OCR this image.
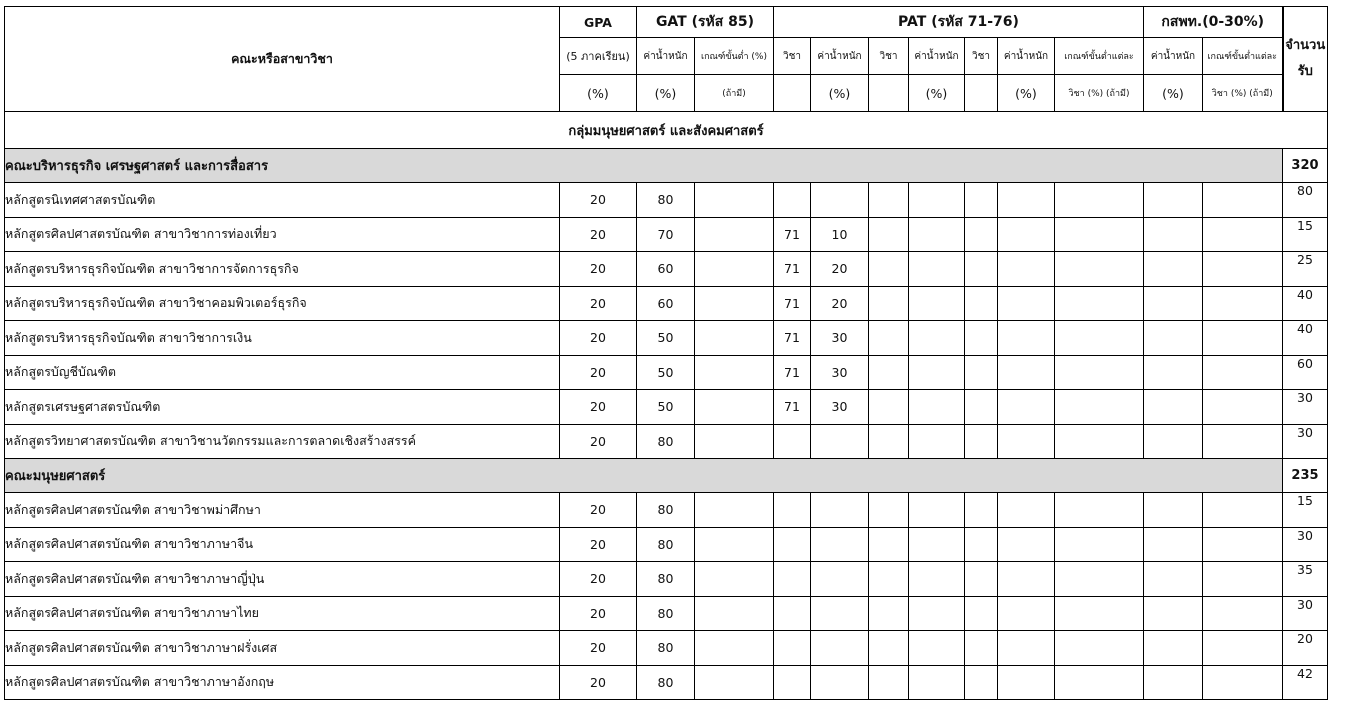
คณะหรือสาขาวิชา	GPA	GAT (รหัส 85)		PAT (รหัส 71-76)							กสพท.(0-30%)		จำนวน
รับ
	(5 ภาคเรียน)	ค่าน้ำหนัก	เกณฑ์ขั้นต่ำ (%)	วิชา	ค่าน้ำหนัก	วิชา	ค่าน้ำหนัก	วิชา	ค่าน้ำหนัก	เกณฑ์ขั้นต่ำแต่ละ	ค่าน้ำหนัก	เกณฑ์ขั้นต่ำแต่ละ	
	(%)	(%)	(ถ้ามี)		(%)		(%)		(%)	วิชา (%) (ถ้ามี)	(%)	วิชา (%) (ถ้ามี)	
กลุ่มมนุษยศาสตร์ และสังคมศาสตร์													
คณะบริหารธุรกิจ เศรษฐศาสตร์ และการสื่อสาร													320
หลักสูตรนิเทศศาสตรบัณฑิต	20	80											80
หลักสูตรศิลปศาสตรบัณฑิต สาขาวิชาการท่องเที่ยว	20	70		71	10								15
หลักสูตรบริหารธุรกิจบัณฑิต สาขาวิชาการจัดการธุรกิจ	20	60		71	20								25
หลักสูตรบริหารธุรกิจบัณฑิต สาขาวิชาคอมพิวเตอร์ธุรกิจ	20	60		71	20								40
หลักสูตรบริหารธุรกิจบัณฑิต สาขาวิชาการเงิน	20	50		71	30								40
หลักสูตรบัญชีบัณฑิต	20	50		71	30								60
หลักสูตรเศรษฐศาสตรบัณฑิต	20	50		71	30								30
หลักสูตรวิทยาศาสตรบัณฑิต สาขาวิชานวัตกรรมและการตลาดเชิงสร้างสรรค์	20	80											30
คณะมนุษยศาสตร์													235
หลักสูตรศิลปศาสตรบัณฑิต สาขาวิชาพม่าศึกษา	20	80											15
หลักสูตรศิลปศาสตรบัณฑิต สาขาวิชาภาษาจีน	20	80											30
หลักสูตรศิลปศาสตรบัณฑิต สาขาวิชาภาษาญี่ปุ่น	20	80											35
หลักสูตรศิลปศาสตรบัณฑิต สาขาวิชาภาษาไทย	20	80											30
หลักสูตรศิลปศาสตรบัณฑิต สาขาวิชาภาษาฝรั่งเศส	20	80											20
หลักสูตรศิลปศาสตรบัณฑิต สาขาวิชาภาษาอังกฤษ	20	80											42
